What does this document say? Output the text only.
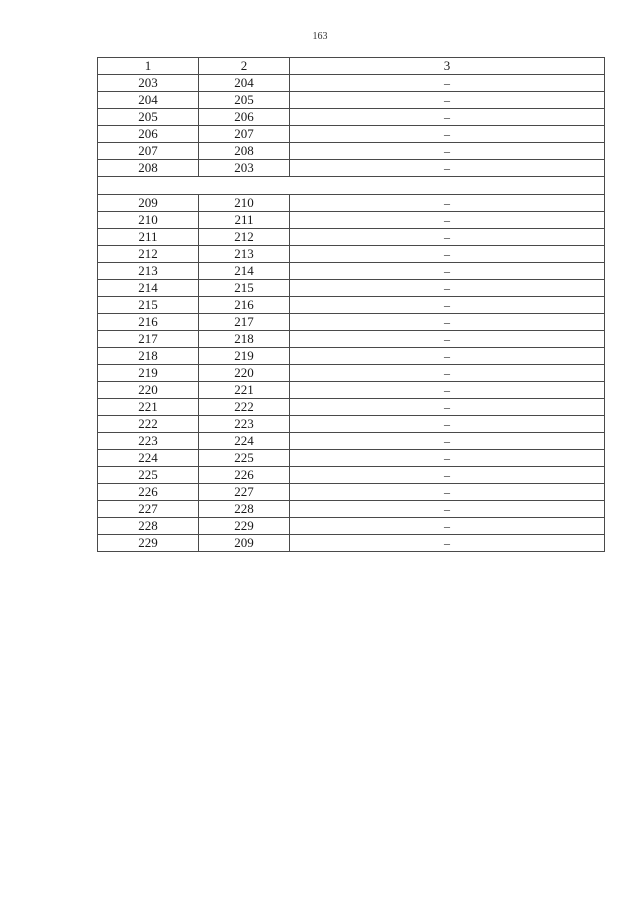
163
1	2	3
203	204	–
204	205	–
205	206	–
206	207	–
207	208	–
208	203	–

209	210	–
210	211	–
211	212	–
212	213	–
213	214	–
214	215	–
215	216	–
216	217	–
217	218	–
218	219	–
219	220	–
220	221	–
221	222	–
222	223	–
223	224	–
224	225	–
225	226	–
226	227	–
227	228	–
228	229	–
229	209	–
